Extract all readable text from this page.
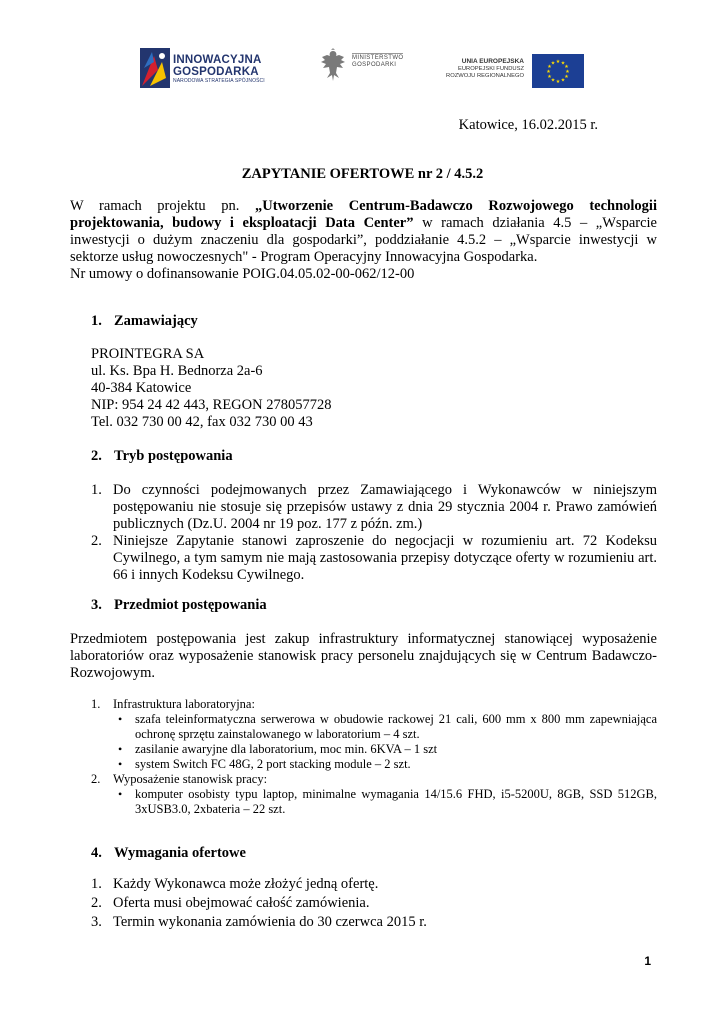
INNOWACYJNA
GOSPODARKA
NARODOWA STRATEGIA SPÓJNOŚCI
MINISTERSTWO
GOSPODARKI	UNIA EUROPEJSKA
EUROPEJSKI FUNDUSZ
ROZWOJU REGIONALNEGO
★ ★
★
★
★
★
★
★
★
★
★
★

Katowice, 16.02.2015 r.

ZAPYTANIE OFERTOWE nr 2 / 4.5.2

W ramach projektu pn. „Utworzenie Centrum-Badawczo Rozwojowego technologii projektowania, budowy i eksploatacji Data Center” w ramach działania 4.5 – „Wsparcie inwestycji o dużym znaczeniu dla gospodarki”, poddziałanie 4.5.2 – „Wsparcie inwestycji w sektorze usług nowoczesnych" - Program Operacyjny Innowacyjna Gospodarka.

Nr umowy o dofinansowanie POIG.04.05.02-00-062/12-00

1. Zamawiający

PROINTEGRA SA
ul. Ks. Bpa H. Bednorza 2a-6
40-384 Katowice
NIP: 954 24 42 443, REGON 278057728
Tel. 032 730 00 42, fax 032 730 00 43

2. Tryb postępowania

1. Do czynności podejmowanych przez Zamawiającego i Wykonawców w niniejszym postępowaniu nie stosuje się przepisów ustawy z dnia 29 stycznia 2004 r. Prawo zamówień publicznych (Dz.U. 2004 nr 19 poz. 177 z późn. zm.)
2. Niniejsze Zapytanie stanowi zaproszenie do negocjacji w rozumieniu art. 72 Kodeksu Cywilnego, a tym samym nie mają zastosowania przepisy dotyczące oferty w rozumieniu art. 66 i innych Kodeksu Cywilnego.

3. Przedmiot postępowania

Przedmiotem postępowania jest zakup infrastruktury informatycznej stanowiącej wyposażenie laboratoriów oraz wyposażenie stanowisk pracy personelu znajdujących się w Centrum Badawczo-Rozwojowym.

1. Infrastruktura laboratoryjna:
• szafa teleinformatyczna serwerowa w obudowie rackowej 21 cali, 600 mm x 800 mm zapewniająca ochronę sprzętu zainstalowanego w laboratorium – 4 szt.
• zasilanie awaryjne dla laboratorium, moc min. 6KVA – 1 szt
• system Switch FC 48G, 2 port stacking module – 2 szt.
2. Wyposażenie stanowisk pracy:
• komputer osobisty typu laptop, minimalne wymagania 14/15.6 FHD, i5-5200U, 8GB, SSD 512GB, 3xUSB3.0, 2xbateria – 22 szt.

4. Wymagania ofertowe

1. Każdy Wykonawca może złożyć jedną ofertę.
2. Oferta musi obejmować całość zamówienia.
3. Termin wykonania zamówienia do 30 czerwca 2015 r.

1
